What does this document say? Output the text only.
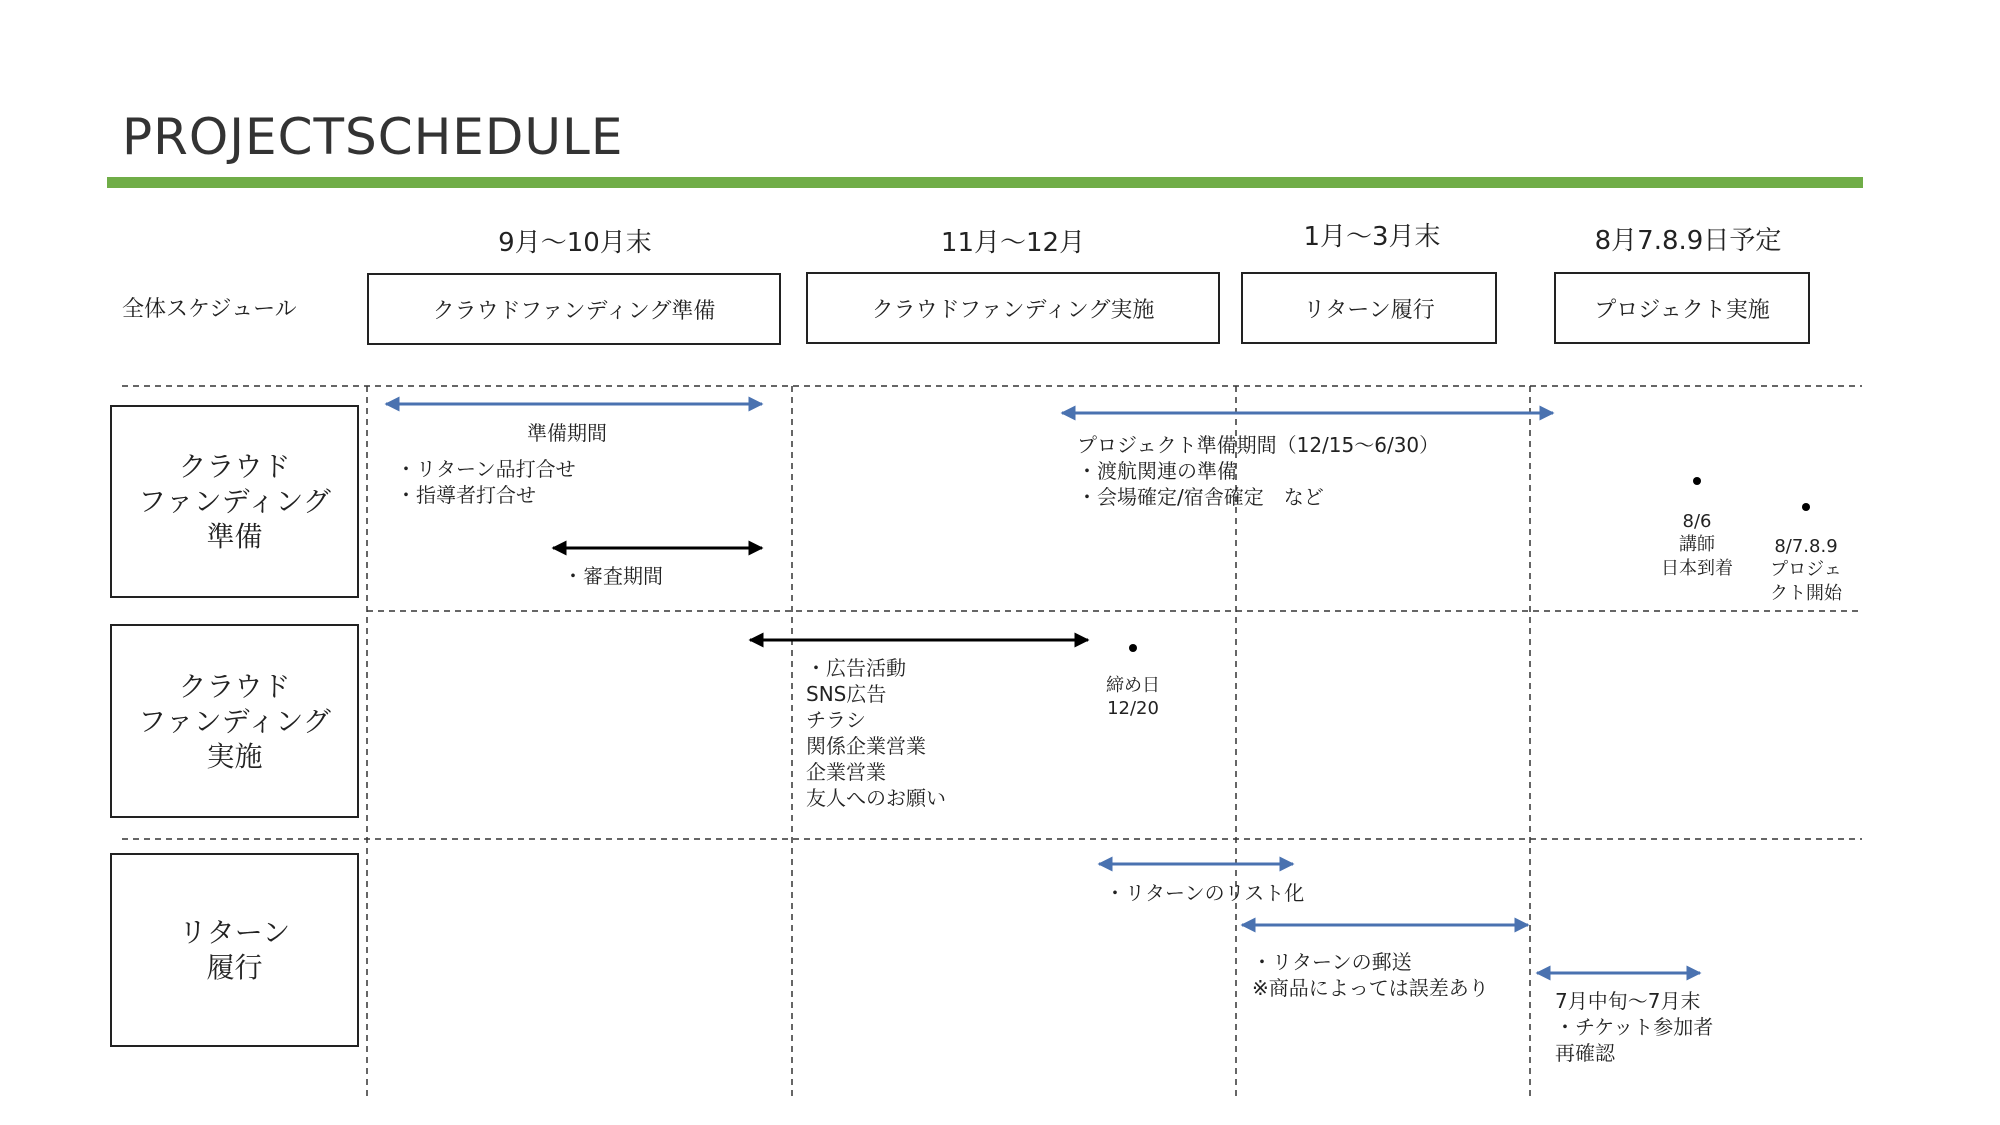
PROJECTSCHEDULE
9月～10月末	11月～12月	1月～3月末	8月7.8.9日予定
全体スケジュール	クラウドファンディング準備	クラウドファンディング実施	リターン履行	プロジェクト実施
クラウド
ファンディング
準備
クラウド
ファンディング
実施
リターン
履行
準備期間
・リターン品打合せ
・指導者打合せ
・審査期間
プロジェクト準備期間（12/15～6/30）
・渡航関連の準備
・会場確定/宿舎確定　など
8/6
講師
日本到着
8/7.8.9
プロジェ
クト開始
・広告活動
SNS広告
チラシ
関係企業営業
企業営業
友人へのお願い
締め日
12/20
・リターンのリスト化
・リターンの郵送
※商品によっては誤差あり
7月中旬～7月末
・チケット参加者
再確認
